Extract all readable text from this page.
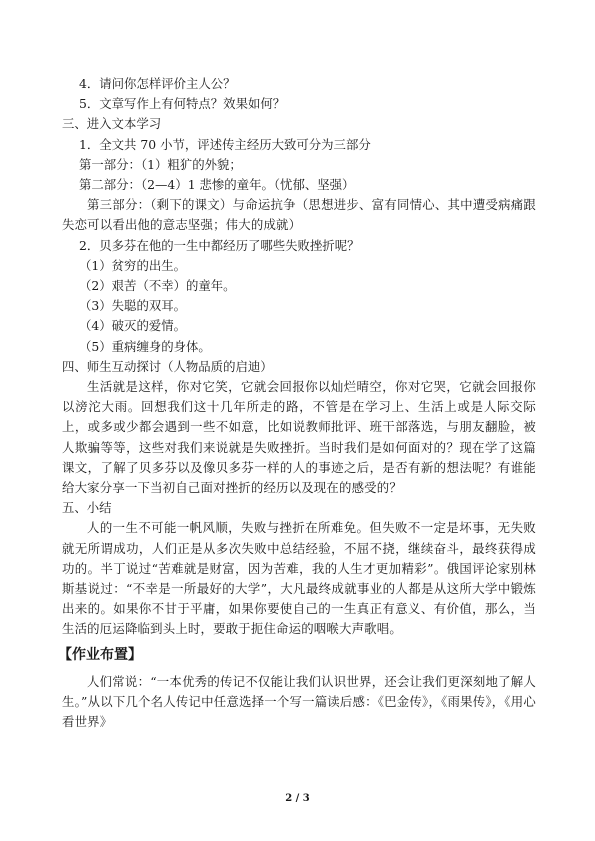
4．请问你怎样评价主人公？

5．文章写作上有何特点？效果如何？

三、进入文本学习

1．全文共 70 小节，评述传主经历大致可分为三部分

第一部分：（1）粗犷的外貌；

第二部分：（2—4）1 悲惨的童年。（忧郁、坚强）

第三部分：（剩下的课文）与命运抗争（思想进步、富有同情心、其中遭受病痛跟失恋可以看出他的意志坚强；伟大的成就）

2．贝多芬在他的一生中都经历了哪些失败挫折呢？

（1）贫穷的出生。

（2）艰苦（不幸）的童年。

（3）失聪的双耳。

（4）破灭的爱情。

（5）重病缠身的身体。

四、师生互动探讨（人物品质的启迪）

生活就是这样，你对它笑，它就会回报你以灿烂晴空，你对它哭，它就会回报你以滂沱大雨。回想我们这十几年所走的路，不管是在学习上、生活上或是人际交际上，或多或少都会遇到一些不如意，比如说教师批评、班干部落选，与朋友翻脸，被人欺骗等等，这些对我们来说就是失败挫折。当时我们是如何面对的？现在学了这篇课文，了解了贝多芬以及像贝多芬一样的人的事迹之后，是否有新的想法呢？有谁能给大家分享一下当初自己面对挫折的经历以及现在的感受的？

五、小结

人的一生不可能一帆风顺，失败与挫折在所难免。但失败不一定是坏事，无失败就无所谓成功，人们正是从多次失败中总结经验，不屈不挠，继续奋斗，最终获得成功的。半丁说过“苦难就是财富，因为苦难，我的人生才更加精彩”。俄国评论家别林斯基说过：“不幸是一所最好的大学”，大凡最终成就事业的人都是从这所大学中锻炼出来的。如果你不甘于平庸，如果你要使自己的一生真正有意义、有价值，那么，当生活的厄运降临到头上时，要敢于扼住命运的咽喉大声歌唱。

【作业布置】

人们常说：“一本优秀的传记不仅能让我们认识世界，还会让我们更深刻地了解人生。”从以下几个名人传记中任意选择一个写一篇读后感：《巴金传》，《雨果传》，《用心看世界》

2 / 3
